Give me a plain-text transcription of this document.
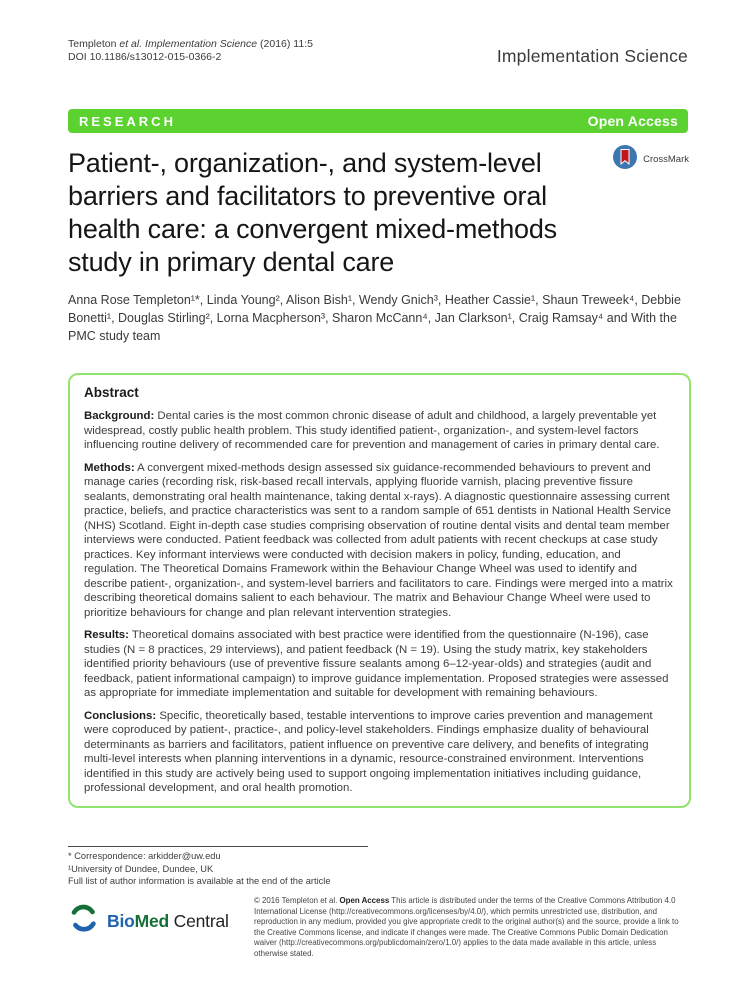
Templeton et al. Implementation Science (2016) 11:5
DOI 10.1186/s13012-015-0366-2	Implementation Science
RESEARCH	Open Access
Patient-, organization-, and system-level barriers and facilitators to preventive oral health care: a convergent mixed-methods study in primary dental care
CrossMark

Anna Rose Templeton¹*, Linda Young², Alison Bish¹, Wendy Gnich³, Heather Cassie¹, Shaun Treweek⁴, Debbie Bonetti¹, Douglas Stirling², Lorna Macpherson³, Sharon McCann⁴, Jan Clarkson¹, Craig Ramsay⁴ and With the PMC study team

Abstract

Background: Dental caries is the most common chronic disease of adult and childhood, a largely preventable yet widespread, costly public health problem. This study identified patient-, organization-, and system-level factors influencing routine delivery of recommended care for prevention and management of caries in primary dental care.

Methods: A convergent mixed-methods design assessed six guidance-recommended behaviours to prevent and manage caries (recording risk, risk-based recall intervals, applying fluoride varnish, placing preventive fissure sealants, demonstrating oral health maintenance, taking dental x-rays). A diagnostic questionnaire assessing current practice, beliefs, and practice characteristics was sent to a random sample of 651 dentists in National Health Service (NHS) Scotland. Eight in-depth case studies comprising observation of routine dental visits and dental team member interviews were conducted. Patient feedback was collected from adult patients with recent checkups at case study practices. Key informant interviews were conducted with decision makers in policy, funding, education, and regulation. The Theoretical Domains Framework within the Behaviour Change Wheel was used to identify and describe patient-, organization-, and system-level barriers and facilitators to care. Findings were merged into a matrix describing theoretical domains salient to each behaviour. The matrix and Behaviour Change Wheel were used to prioritize behaviours for change and plan relevant intervention strategies.

Results: Theoretical domains associated with best practice were identified from the questionnaire (N-196), case studies (N = 8 practices, 29 interviews), and patient feedback (N = 19). Using the study matrix, key stakeholders identified priority behaviours (use of preventive fissure sealants among 6–12-year-olds) and strategies (audit and feedback, patient informational campaign) to improve guidance implementation. Proposed strategies were assessed as appropriate for immediate implementation and suitable for development with remaining behaviours.

Conclusions: Specific, theoretically based, testable interventions to improve caries prevention and management were coproduced by patient-, practice-, and policy-level stakeholders. Findings emphasize duality of behavioural determinants as barriers and facilitators, patient influence on preventive care delivery, and benefits of integrating multi-level interests when planning interventions in a dynamic, resource-constrained environment. Interventions identified in this study are actively being used to support ongoing implementation initiatives including guidance, professional development, and oral health promotion.

* Correspondence: arkidder@uw.edu
¹University of Dundee, Dundee, UK
Full list of author information is available at the end of the article
BioMed Central
© 2016 Templeton et al. Open Access This article is distributed under the terms of the Creative Commons Attribution 4.0 International License (http://creativecommons.org/licenses/by/4.0/), which permits unrestricted use, distribution, and reproduction in any medium, provided you give appropriate credit to the original author(s) and the source, provide a link to the Creative Commons license, and indicate if changes were made. The Creative Commons Public Domain Dedication waiver (http://creativecommons.org/publicdomain/zero/1.0/) applies to the data made available in this article, unless otherwise stated.
